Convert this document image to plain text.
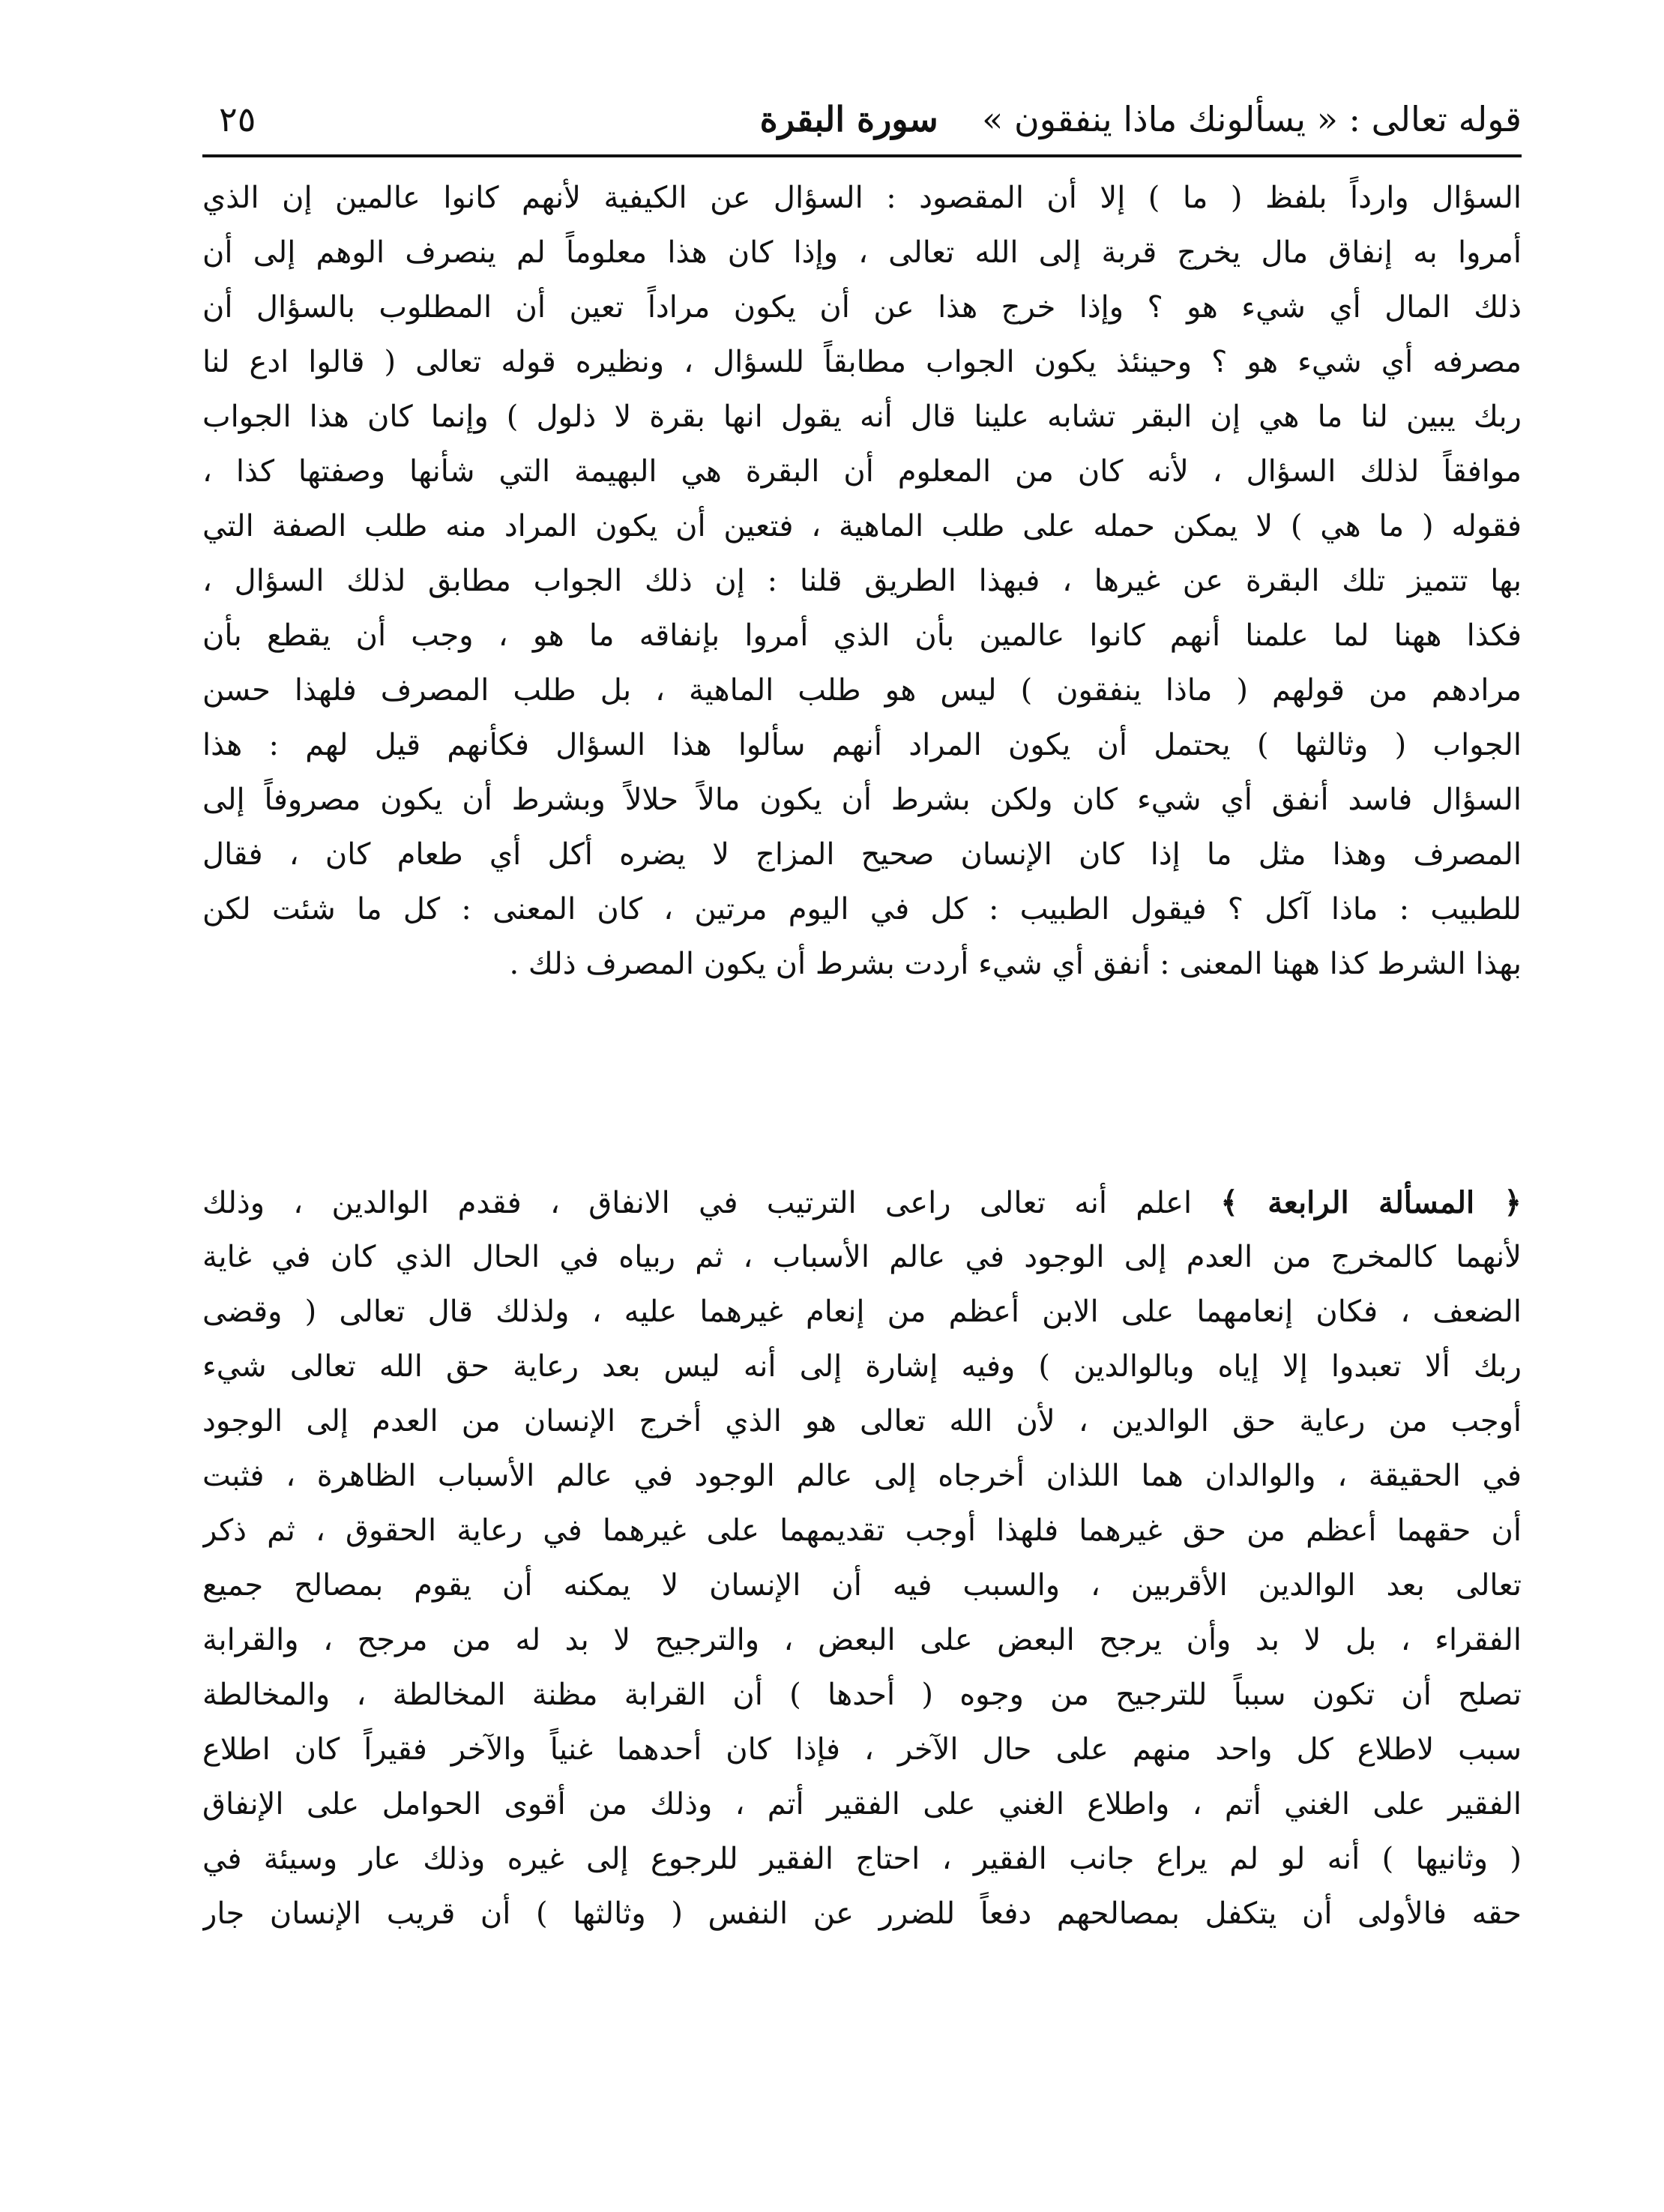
قوله تعالى : « يسألونك ماذا ينفقون »    سورة البقرة
٢٥
السؤال وارداً بلفظ ( ما ) إلا أن المقصود : السؤال عن الكيفية لأنهم كانوا عالمين إن الذي
أمروا به إنفاق مال يخرج قربة إلى الله تعالى ، وإذا كان هذا معلوماً لم ينصرف الوهم إلى أن
ذلك المال أي شيء هو ؟ وإذا خرج هذا عن أن يكون مراداً تعين أن المطلوب بالسؤال أن
مصرفه أي شيء هو ؟ وحينئذ يكون الجواب مطابقاً للسؤال ، ونظيره قوله تعالى ( قالوا ادع لنا
ربك يبين لنا ما هي إن البقر تشابه علينا قال أنه يقول انها بقرة لا ذلول ) وإنما كان هذا الجواب
موافقاً لذلك السؤال ، لأنه كان من المعلوم أن البقرة هي البهيمة التي شأنها وصفتها كذا ،
فقوله ( ما هي ) لا يمكن حمله على طلب الماهية ، فتعين أن يكون المراد منه طلب الصفة التي
بها تتميز تلك البقرة عن غيرها ، فبهذا الطريق قلنا : إن ذلك الجواب مطابق لذلك السؤال ،
فكذا ههنا لما علمنا أنهم كانوا عالمين بأن الذي أمروا بإنفاقه ما هو ، وجب أن يقطع بأن
مرادهم من قولهم ( ماذا ينفقون ) ليس هو طلب الماهية ، بل طلب المصرف فلهذا حسن
الجواب ( وثالثها ) يحتمل أن يكون المراد أنهم سألوا هذا السؤال فكأنهم قيل لهم : هذا
السؤال فاسد أنفق أي شيء كان ولكن بشرط أن يكون مالاً حلالاً وبشرط أن يكون مصروفاً إلى
المصرف وهذا مثل ما إذا كان الإنسان صحيح المزاج لا يضره أكل أي طعام كان ، فقال
للطبيب : ماذا آكل ؟ فيقول الطبيب : كل في اليوم مرتين ، كان المعنى : كل ما شئت لكن
بهذا الشرط كذا ههنا المعنى : أنفق أي شيء أردت بشرط أن يكون المصرف ذلك .
﴿ المسألة الرابعة ﴾ اعلم أنه تعالى راعى الترتيب في الانفاق ، فقدم الوالدين ، وذلك
لأنهما كالمخرج من العدم إلى الوجود في عالم الأسباب ، ثم ربياه في الحال الذي كان في غاية
الضعف ، فكان إنعامهما على الابن أعظم من إنعام غيرهما عليه ، ولذلك قال تعالى ( وقضى
ربك ألا تعبدوا إلا إياه وبالوالدين ) وفيه إشارة إلى أنه ليس بعد رعاية حق الله تعالى شيء
أوجب من رعاية حق الوالدين ، لأن الله تعالى هو الذي أخرج الإنسان من العدم إلى الوجود
في الحقيقة ، والوالدان هما اللذان أخرجاه إلى عالم الوجود في عالم الأسباب الظاهرة ، فثبت
أن حقهما أعظم من حق غيرهما فلهذا أوجب تقديمهما على غيرهما في رعاية الحقوق ، ثم ذكر
تعالى بعد الوالدين الأقربين ، والسبب فيه أن الإنسان لا يمكنه أن يقوم بمصالح جميع
الفقراء ، بل لا بد وأن يرجح البعض على البعض ، والترجيح لا بد له من مرجح ، والقرابة
تصلح أن تكون سبباً للترجيح من وجوه ( أحدها ) أن القرابة مظنة المخالطة ، والمخالطة
سبب لاطلاع كل واحد منهم على حال الآخر ، فإذا كان أحدهما غنياً والآخر فقيراً كان اطلاع
الفقير على الغني أتم ، واطلاع الغني على الفقير أتم ، وذلك من أقوى الحوامل على الإنفاق
( وثانيها ) أنه لو لم يراع جانب الفقير ، احتاج الفقير للرجوع إلى غيره وذلك عار وسيئة في
حقه فالأولى أن يتكفل بمصالحهم دفعاً للضرر عن النفس ( وثالثها ) أن قريب الإنسان جار
